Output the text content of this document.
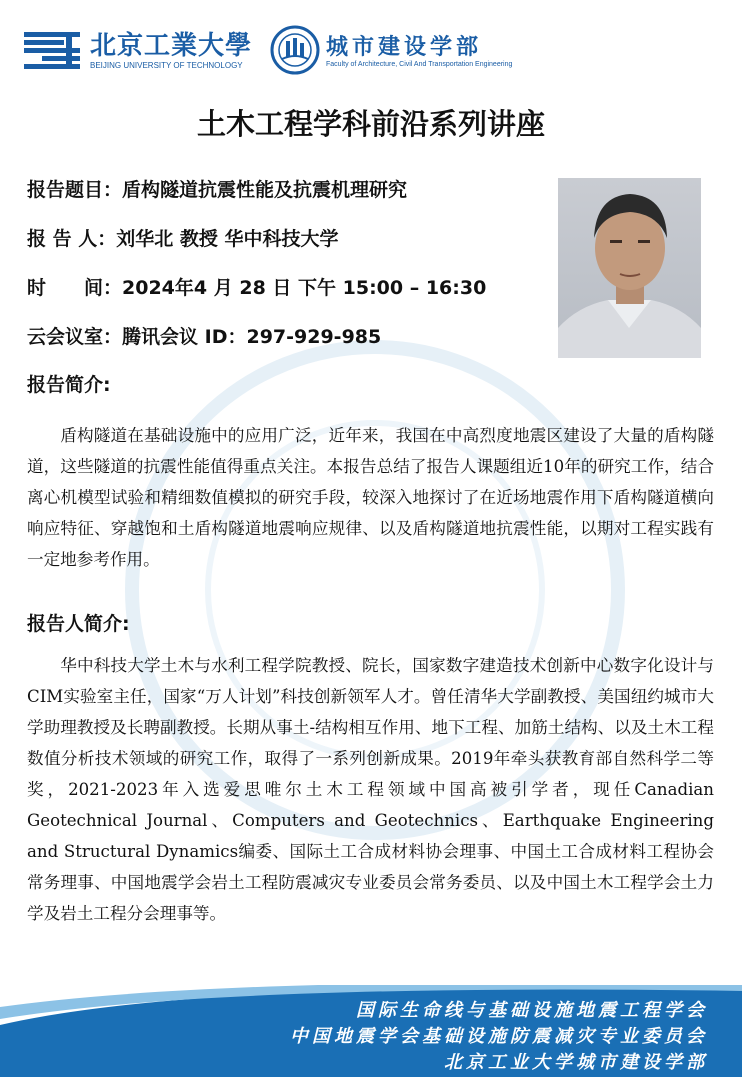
北京工業大學
BEIJING UNIVERSITY OF TECHNOLOGY
城市建设学部
Faculty of Architecture, Civil And Transportation Engineering
土木工程学科前沿系列讲座
报告题目：盾构隧道抗震性能及抗震机理研究
报 告 人：刘华北 教授 华中科技大学
时　　间：2024年4 月 28 日 下午 15:00 – 16:30
云会议室：腾讯会议 ID：297-929-985
报告简介:
盾构隧道在基础设施中的应用广泛，近年来，我国在中高烈度地震区建设了大量的盾构隧道，这些隧道的抗震性能值得重点关注。本报告总结了报告人课题组近10年的研究工作，结合离心机模型试验和精细数值模拟的研究手段，较深入地探讨了在近场地震作用下盾构隧道横向响应特征、穿越饱和土盾构隧道地震响应规律、以及盾构隧道地抗震性能，以期对工程实践有一定地参考作用。
报告人简介:
华中科技大学土木与水利工程学院教授、院长，国家数字建造技术创新中心数字化设计与CIM实验室主任，国家“万人计划”科技创新领军人才。曾任清华大学副教授、美国纽约城市大学助理教授及长聘副教授。长期从事土-结构相互作用、地下工程、加筋土结构、以及土木工程数值分析技术领域的研究工作，取得了一系列创新成果。2019年牵头获教育部自然科学二等奖，2021-2023年入选爱思唯尔土木工程领域中国高被引学者，现任Canadian Geotechnical Journal、Computers and Geotechnics、Earthquake Engineering and Structural Dynamics编委、国际土工合成材料协会理事、中国土工合成材料工程协会常务理事、中国地震学会岩土工程防震减灾专业委员会常务委员、以及中国土木工程学会土力学及岩土工程分会理事等。
国际生命线与基础设施地震工程学会
中国地震学会基础设施防震减灾专业委员会
北京工业大学城市建设学部
